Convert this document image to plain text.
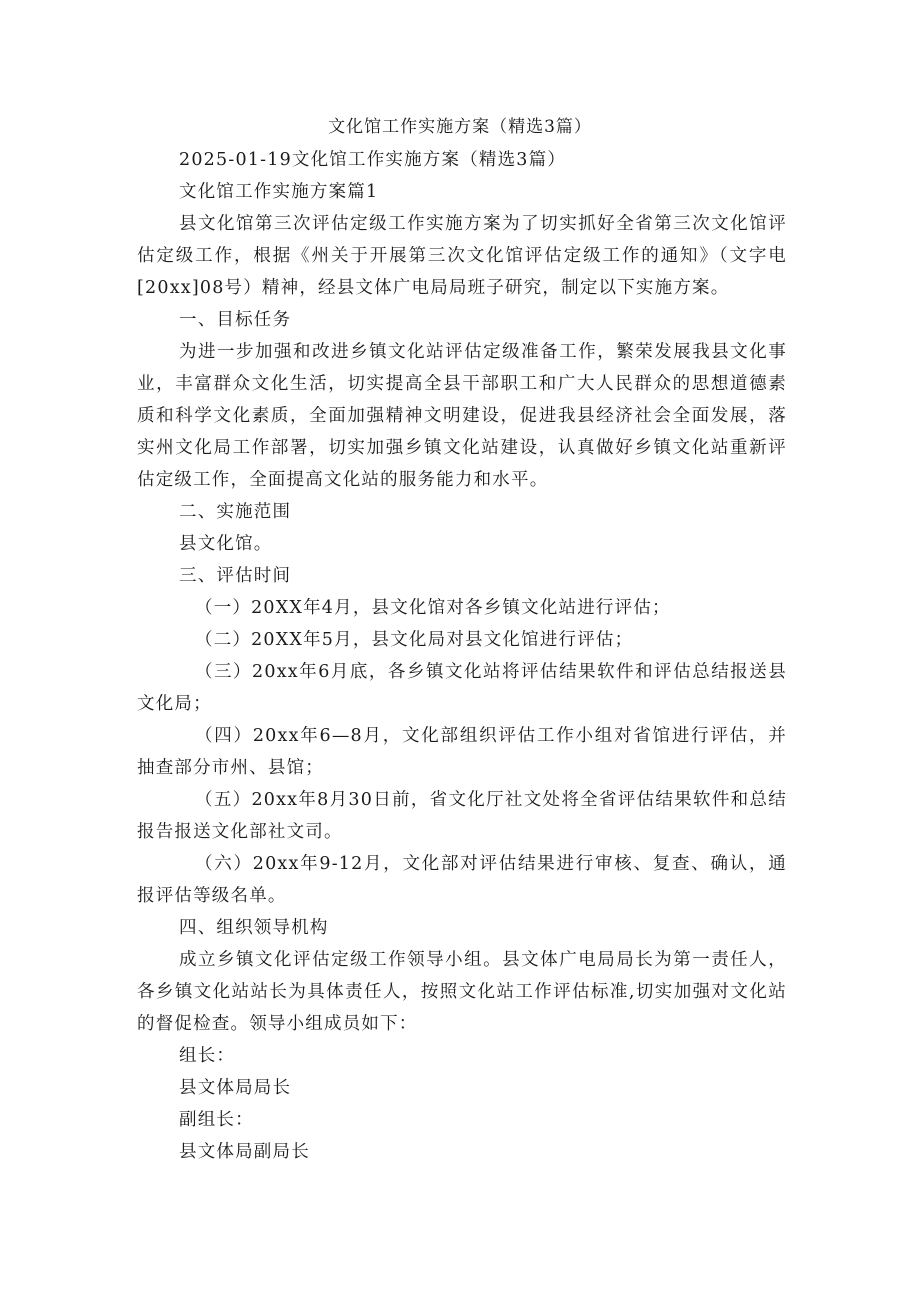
文化馆工作实施方案（精选3篇）

2025-01-19文化馆工作实施方案（精选3篇）

文化馆工作实施方案篇1

县文化馆第三次评估定级工作实施方案为了切实抓好全省第三次文化馆评估定级工作，根据《州关于开展第三次文化馆评估定级工作的通知》（文字电[20xx]08号）精神，经县文体广电局局班子研究，制定以下实施方案。

一、目标任务

为进一步加强和改进乡镇文化站评估定级准备工作，繁荣发展我县文化事业，丰富群众文化生活，切实提高全县干部职工和广大人民群众的思想道德素质和科学文化素质，全面加强精神文明建设，促进我县经济社会全面发展，落实州文化局工作部署，切实加强乡镇文化站建设，认真做好乡镇文化站重新评估定级工作，全面提高文化站的服务能力和水平。

二、实施范围

县文化馆。

三、评估时间

（一）20XX年4月，县文化馆对各乡镇文化站进行评估；

（二）20XX年5月，县文化局对县文化馆进行评估；

（三）20xx年6月底，各乡镇文化站将评估结果软件和评估总结报送县文化局；

（四）20xx年6—8月，文化部组织评估工作小组对省馆进行评估，并抽查部分市州、县馆；

（五）20xx年8月30日前，省文化厅社文处将全省评估结果软件和总结报告报送文化部社文司。

（六）20xx年9-12月，文化部对评估结果进行审核、复查、确认，通报评估等级名单。

四、组织领导机构

成立乡镇文化评估定级工作领导小组。县文体广电局局长为第一责任人，各乡镇文化站站长为具体责任人，按照文化站工作评估标准,切实加强对文化站的督促检查。领导小组成员如下：

组长：

县文体局局长

副组长：

县文体局副局长
